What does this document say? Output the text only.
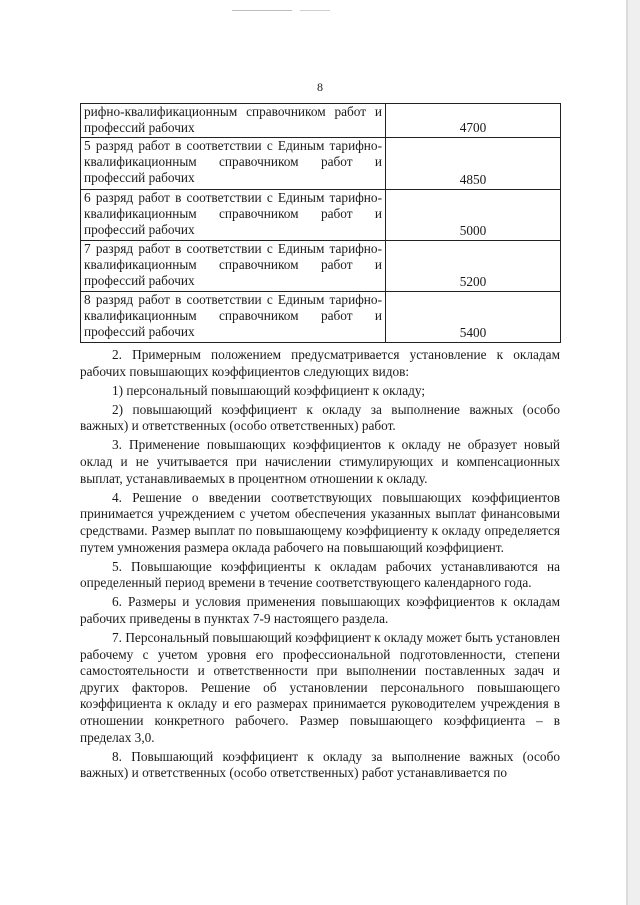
8
рифно-квалификационным справочником работ и профессий рабочих	4700
5 разряд работ в соответствии с Единым тарифно-квалификационным справочником работ и профессий рабочих	4850
6 разряд работ в соответствии с Единым тарифно-квалификационным справочником работ и профессий рабочих	5000
7 разряд работ в соответствии с Единым тарифно-квалификационным справочником работ и профессий рабочих	5200
8 разряд работ в соответствии с Единым тарифно-квалификационным справочником работ и профессий рабочих	5400

2. Примерным положением предусматривается установление к окладам рабочих повышающих коэффициентов следующих видов:

1) персональный повышающий коэффициент к окладу;

2) повышающий коэффициент к окладу за выполнение важных (особо важных) и ответственных (особо ответственных) работ.

3. Применение повышающих коэффициентов к окладу не образует новый оклад и не учитывается при начислении стимулирующих и компенсационных выплат, устанавливаемых в процентном отношении к окладу.

4. Решение о введении соответствующих повышающих коэффициентов принимается учреждением с учетом обеспечения указанных выплат финансовыми средствами. Размер выплат по повышающему коэффициенту к окладу определяется путем умножения размера оклада рабочего на повышающий коэффициент.

5. Повышающие коэффициенты к окладам рабочих устанавливаются на определенный период времени в течение соответствующего календарного года.

6. Размеры и условия применения повышающих коэффициентов к окладам рабочих приведены в пунктах 7-9 настоящего раздела.

7. Персональный повышающий коэффициент к окладу может быть установлен рабочему с учетом уровня его профессиональной подготовленности, степени самостоятельности и ответственности при выполнении поставленных задач и других факторов. Решение об установлении персонального повышающего коэффициента к окладу и его размерах принимается руководителем учреждения в отношении конкретного рабочего. Размер повышающего коэффициента – в пределах 3,0.

8. Повышающий коэффициент к окладу за выполнение важных (особо важных) и ответственных (особо ответственных) работ устанавливается по
